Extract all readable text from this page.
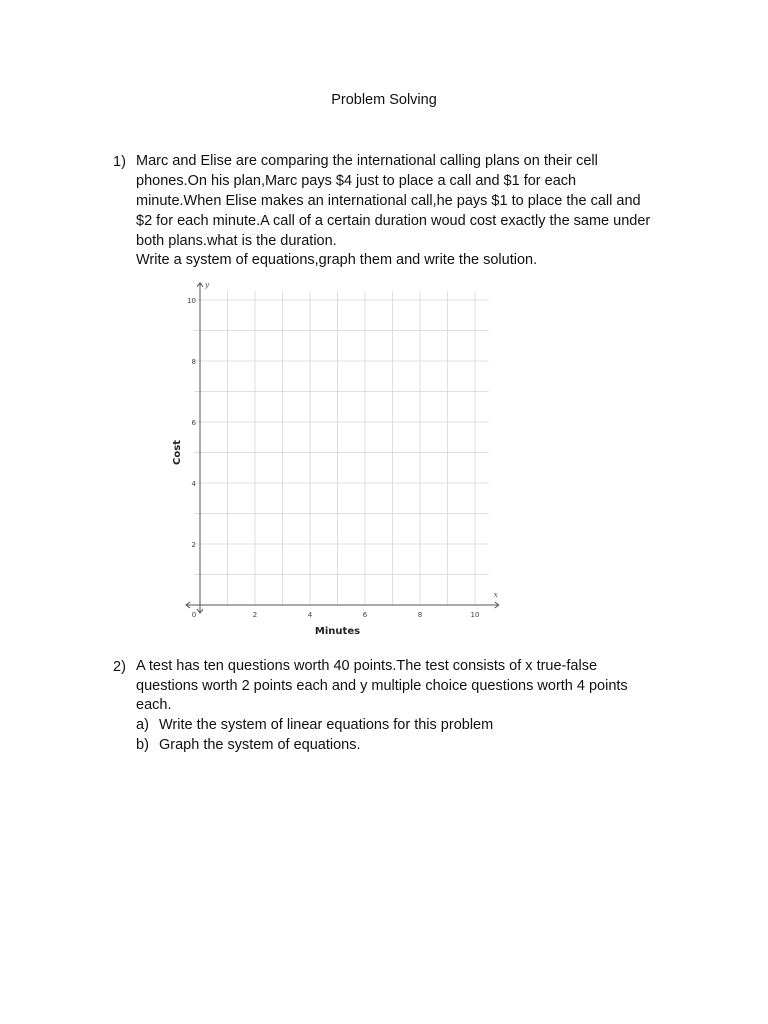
Problem Solving
1) Marc and Elise are comparing the international calling plans on their cell
phones.On his plan,Marc pays $4 just to place a call and $1 for each
minute.When Elise makes an international call,he pays $1 to place the call and
$2 for each minute.A call of a certain duration woud cost exactly the same under
both plans.what is the duration.
Write a system of equations,graph them and write the solution.
0	2	4	6	8	10
10
8
6
4
2
Minutes
Cost
x
y
2) A test has ten questions worth 40 points.The test consists of x true-false
questions worth 2 points each and y multiple choice questions worth 4 points
each.
a) Write the system of linear equations for this problem
b) Graph the system of equations.
